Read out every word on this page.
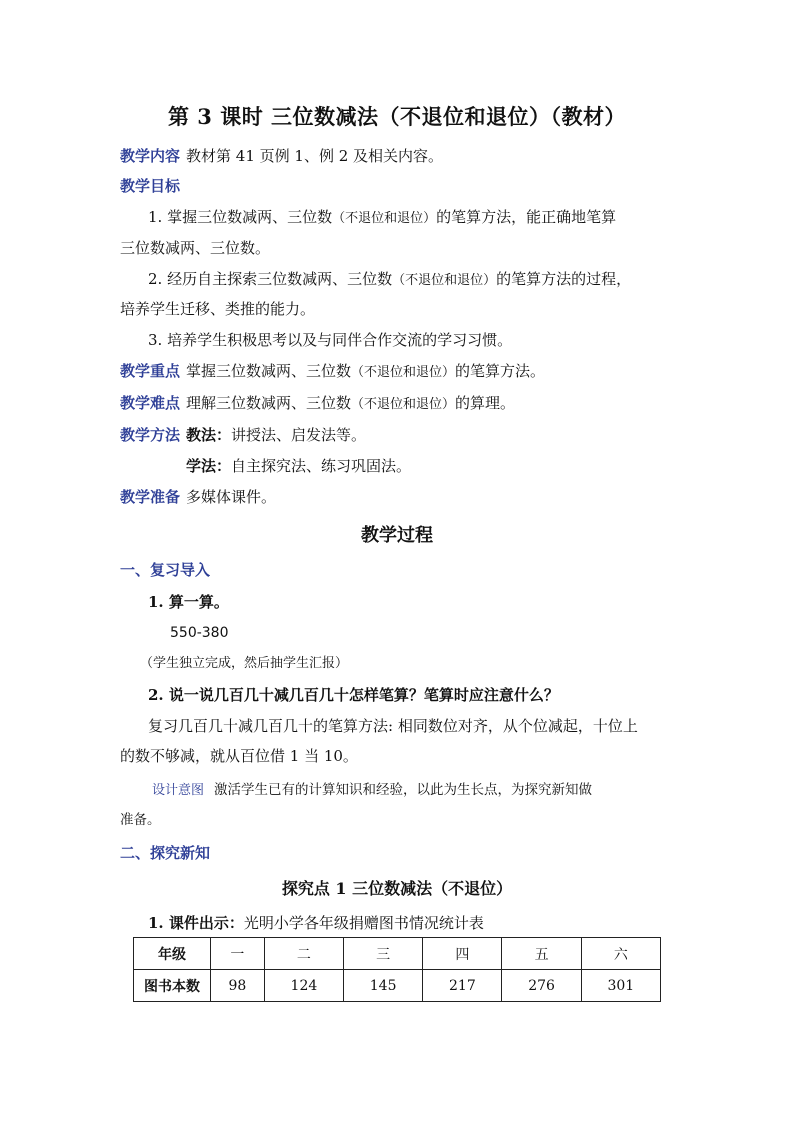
第 3 课时 三位数减法（不退位和退位）（教材）
教学内容 教材第 41 页例 1、例 2 及相关内容。
教学目标
1. 掌握三位数减两、三位数（不退位和退位）的笔算方法，能正确地笔算
三位数减两、三位数。
2. 经历自主探索三位数减两、三位数（不退位和退位）的笔算方法的过程，
培养学生迁移、类推的能力。
3. 培养学生积极思考以及与同伴合作交流的学习习惯。
教学重点 掌握三位数减两、三位数（不退位和退位）的笔算方法。
教学难点 理解三位数减两、三位数（不退位和退位）的算理。
教学方法 教法：讲授法、启发法等。
学法：自主探究法、练习巩固法。
教学准备 多媒体课件。
教学过程
一、复习导入
1. 算一算。
550-380
（学生独立完成，然后抽学生汇报）
2. 说一说几百几十减几百几十怎样笔算？笔算时应注意什么？
复习几百几十减几百几十的笔算方法: 相同数位对齐，从个位减起，十位上
的数不够减，就从百位借 1 当 10。
设计意图 激活学生已有的计算知识和经验，以此为生长点，为探究新知做
准备。
二、探究新知
探究点 1 三位数减法（不退位）
1. 课件出示：光明小学各年级捐赠图书情况统计表
年级	一	二	三	四	五	六
图书本数	98	124	145	217	276	301
